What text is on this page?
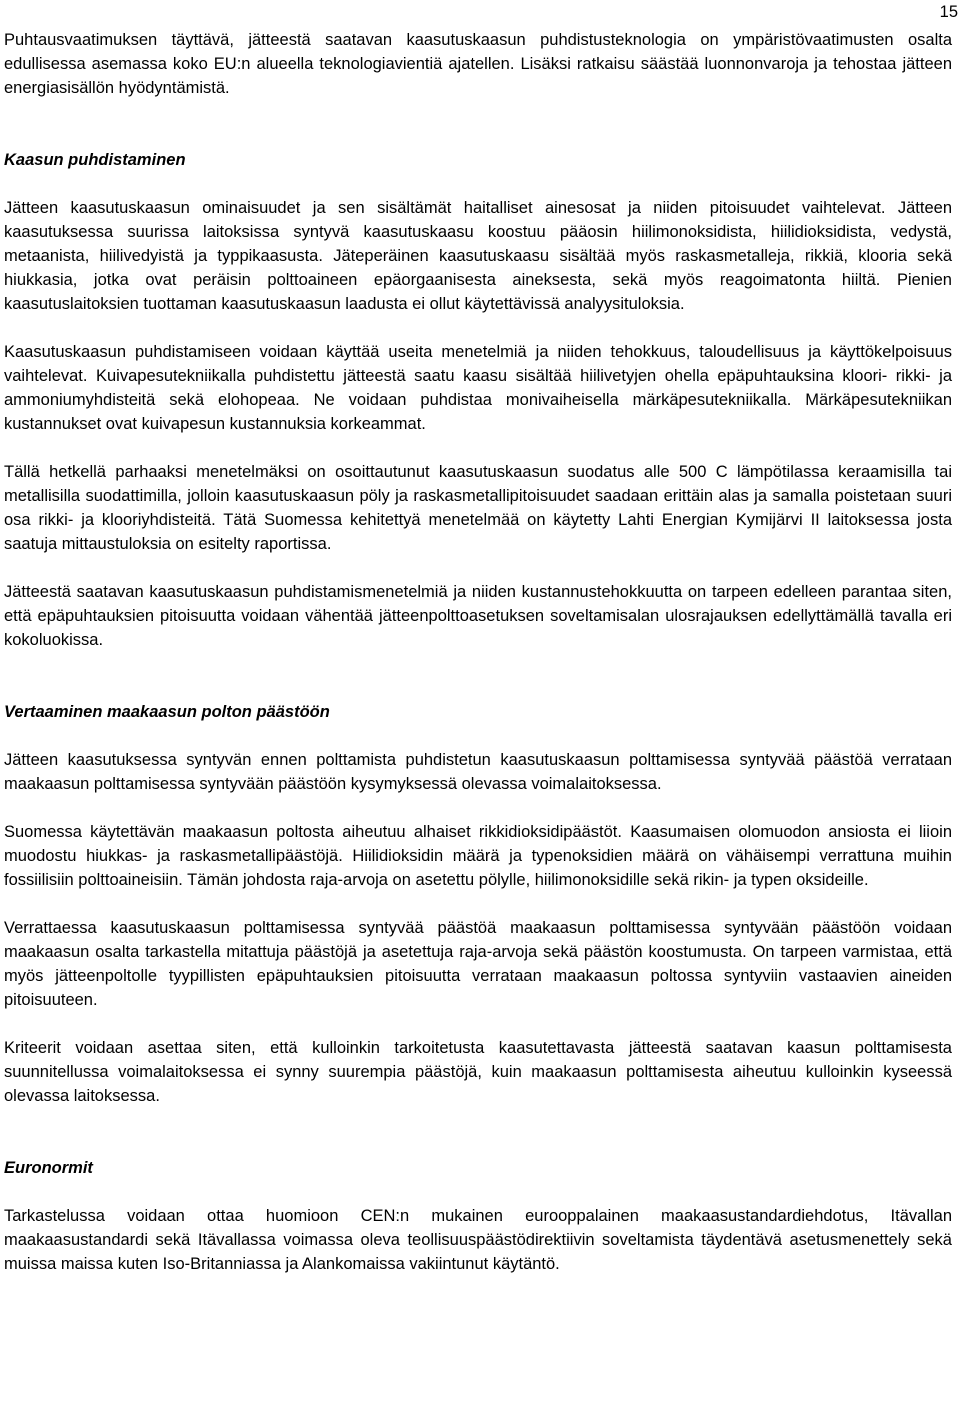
15

Puhtausvaatimuksen täyttävä, jätteestä saatavan kaasutuskaasun puhdistusteknologia on ympäristövaatimusten osalta edullisessa asemassa koko EU:n alueella teknologiavientiä ajatellen. Lisäksi ratkaisu säästää luonnonvaroja ja tehostaa jätteen energiasisällön hyödyntämistä.

Kaasun puhdistaminen

Jätteen kaasutuskaasun ominaisuudet ja sen sisältämät haitalliset ainesosat ja niiden pitoisuudet vaihtelevat. Jätteen kaasutuksessa suurissa laitoksissa syntyvä kaasutuskaasu koostuu pääosin hiilimonoksidista, hiilidioksidista, vedystä, metaanista, hiilivedyistä ja typpikaasusta. Jäteperäinen kaasutuskaasu sisältää myös raskasmetalleja, rikkiä, klooria sekä hiukkasia, jotka ovat peräisin polttoaineen epäorgaanisesta aineksesta, sekä myös reagoimatonta hiiltä. Pienien kaasutuslaitoksien tuottaman kaasutuskaasun laadusta ei ollut käytettävissä analyysituloksia.

Kaasutuskaasun puhdistamiseen voidaan käyttää useita menetelmiä ja niiden tehokkuus, taloudellisuus ja käyttökelpoisuus vaihtelevat. Kuivapesutekniikalla puhdistettu jätteestä saatu kaasu sisältää hiilivetyjen ohella epäpuhtauksina kloori- rikki- ja ammoniumyhdisteitä sekä elohopeaa. Ne voidaan puhdistaa monivaiheisella märkäpesutekniikalla. Märkäpesutekniikan kustannukset ovat kuivapesun kustannuksia korkeammat.

Tällä hetkellä parhaaksi menetelmäksi on osoittautunut kaasutuskaasun suodatus alle 500 C lämpötilassa keraamisilla tai metallisilla suodattimilla, jolloin kaasutuskaasun pöly ja raskasmetallipitoisuudet saadaan erittäin alas ja samalla poistetaan suuri osa rikki- ja klooriyhdisteitä. Tätä Suomessa kehitettyä menetelmää on käytetty Lahti Energian Kymijärvi II laitoksessa josta saatuja mittaustuloksia on esitelty raportissa.

Jätteestä saatavan kaasutuskaasun puhdistamismenetelmiä ja niiden kustannustehokkuutta on tarpeen edelleen parantaa siten, että epäpuhtauksien pitoisuutta voidaan vähentää jätteenpolttoasetuksen soveltamisalan ulosrajauksen edellyttämällä tavalla eri kokoluokissa.

Vertaaminen maakaasun polton päästöön

Jätteen kaasutuksessa syntyvän ennen polttamista puhdistetun kaasutuskaasun polttamisessa syntyvää päästöä verrataan maakaasun polttamisessa syntyvään päästöön kysymyksessä olevassa voimalaitoksessa.

Suomessa käytettävän maakaasun poltosta aiheutuu alhaiset rikkidioksidipäästöt. Kaasumaisen olomuodon ansiosta ei liioin muodostu hiukkas- ja raskasmetallipäästöjä. Hiilidioksidin määrä ja typenoksidien määrä on vähäisempi verrattuna muihin fossiilisiin polttoaineisiin. Tämän johdosta raja-arvoja on asetettu pölylle, hiilimonoksidille sekä rikin- ja typen oksideille.

Verrattaessa kaasutuskaasun polttamisessa syntyvää päästöä maakaasun polttamisessa syntyvään päästöön voidaan maakaasun osalta tarkastella mitattuja päästöjä ja asetettuja raja-arvoja sekä päästön koostumusta. On tarpeen varmistaa, että myös jätteenpoltolle tyypillisten epäpuhtauksien pitoisuutta verrataan maakaasun poltossa syntyviin vastaavien aineiden pitoisuuteen.

Kriteerit voidaan asettaa siten, että kulloinkin tarkoitetusta kaasutettavasta jätteestä saatavan kaasun polttamisesta suunnitellussa voimalaitoksessa ei synny suurempia päästöjä, kuin maakaasun polttamisesta aiheutuu kulloinkin kyseessä olevassa laitoksessa.

Euronormit

Tarkastelussa voidaan ottaa huomioon CEN:n mukainen eurooppalainen maakaasustandardiehdotus, Itävallan maakaasustandardi sekä Itävallassa voimassa oleva teollisuuspäästödirektiivin soveltamista täydentävä asetusmenettely sekä muissa maissa kuten Iso-Britanniassa ja Alankomaissa vakiintunut käytäntö.
